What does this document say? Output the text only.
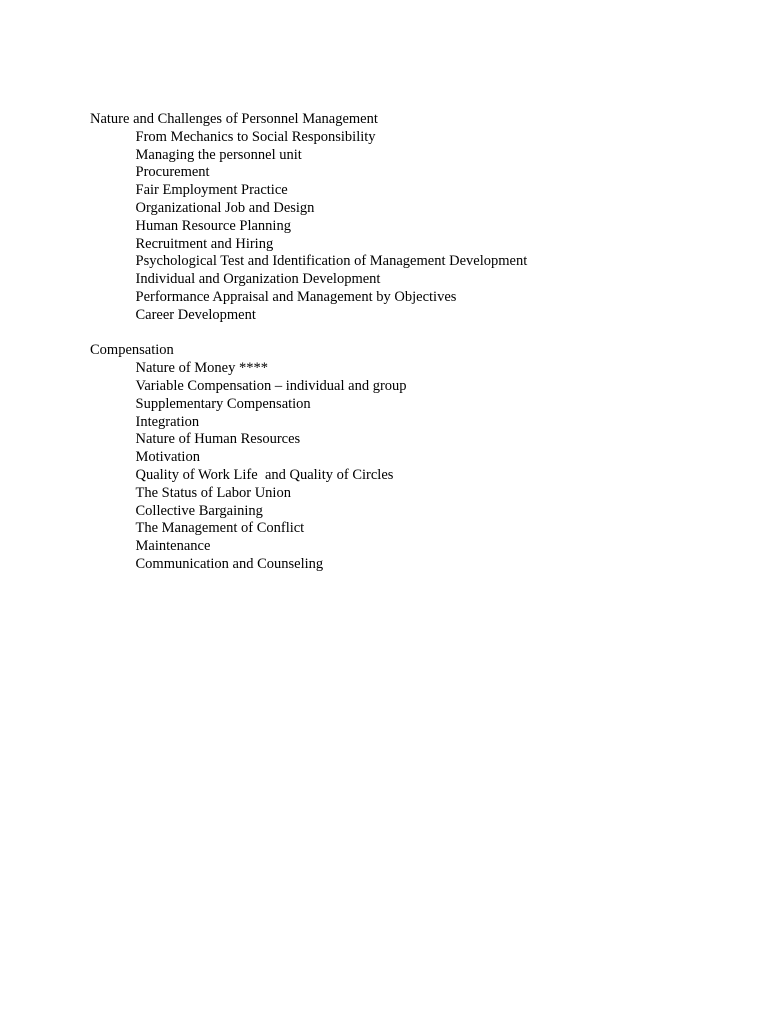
Nature and Challenges of Personnel Management
From Mechanics to Social Responsibility
Managing the personnel unit
Procurement
Fair Employment Practice
Organizational Job and Design
Human Resource Planning
Recruitment and Hiring
Psychological Test and Identification of Management Development
Individual and Organization Development
Performance Appraisal and Management by Objectives
Career Development
Compensation
Nature of Money ****
Variable Compensation – individual and group
Supplementary Compensation
Integration
Nature of Human Resources
Motivation
Quality of Work Life  and Quality of Circles
The Status of Labor Union
Collective Bargaining
The Management of Conflict
Maintenance
Communication and Counseling
